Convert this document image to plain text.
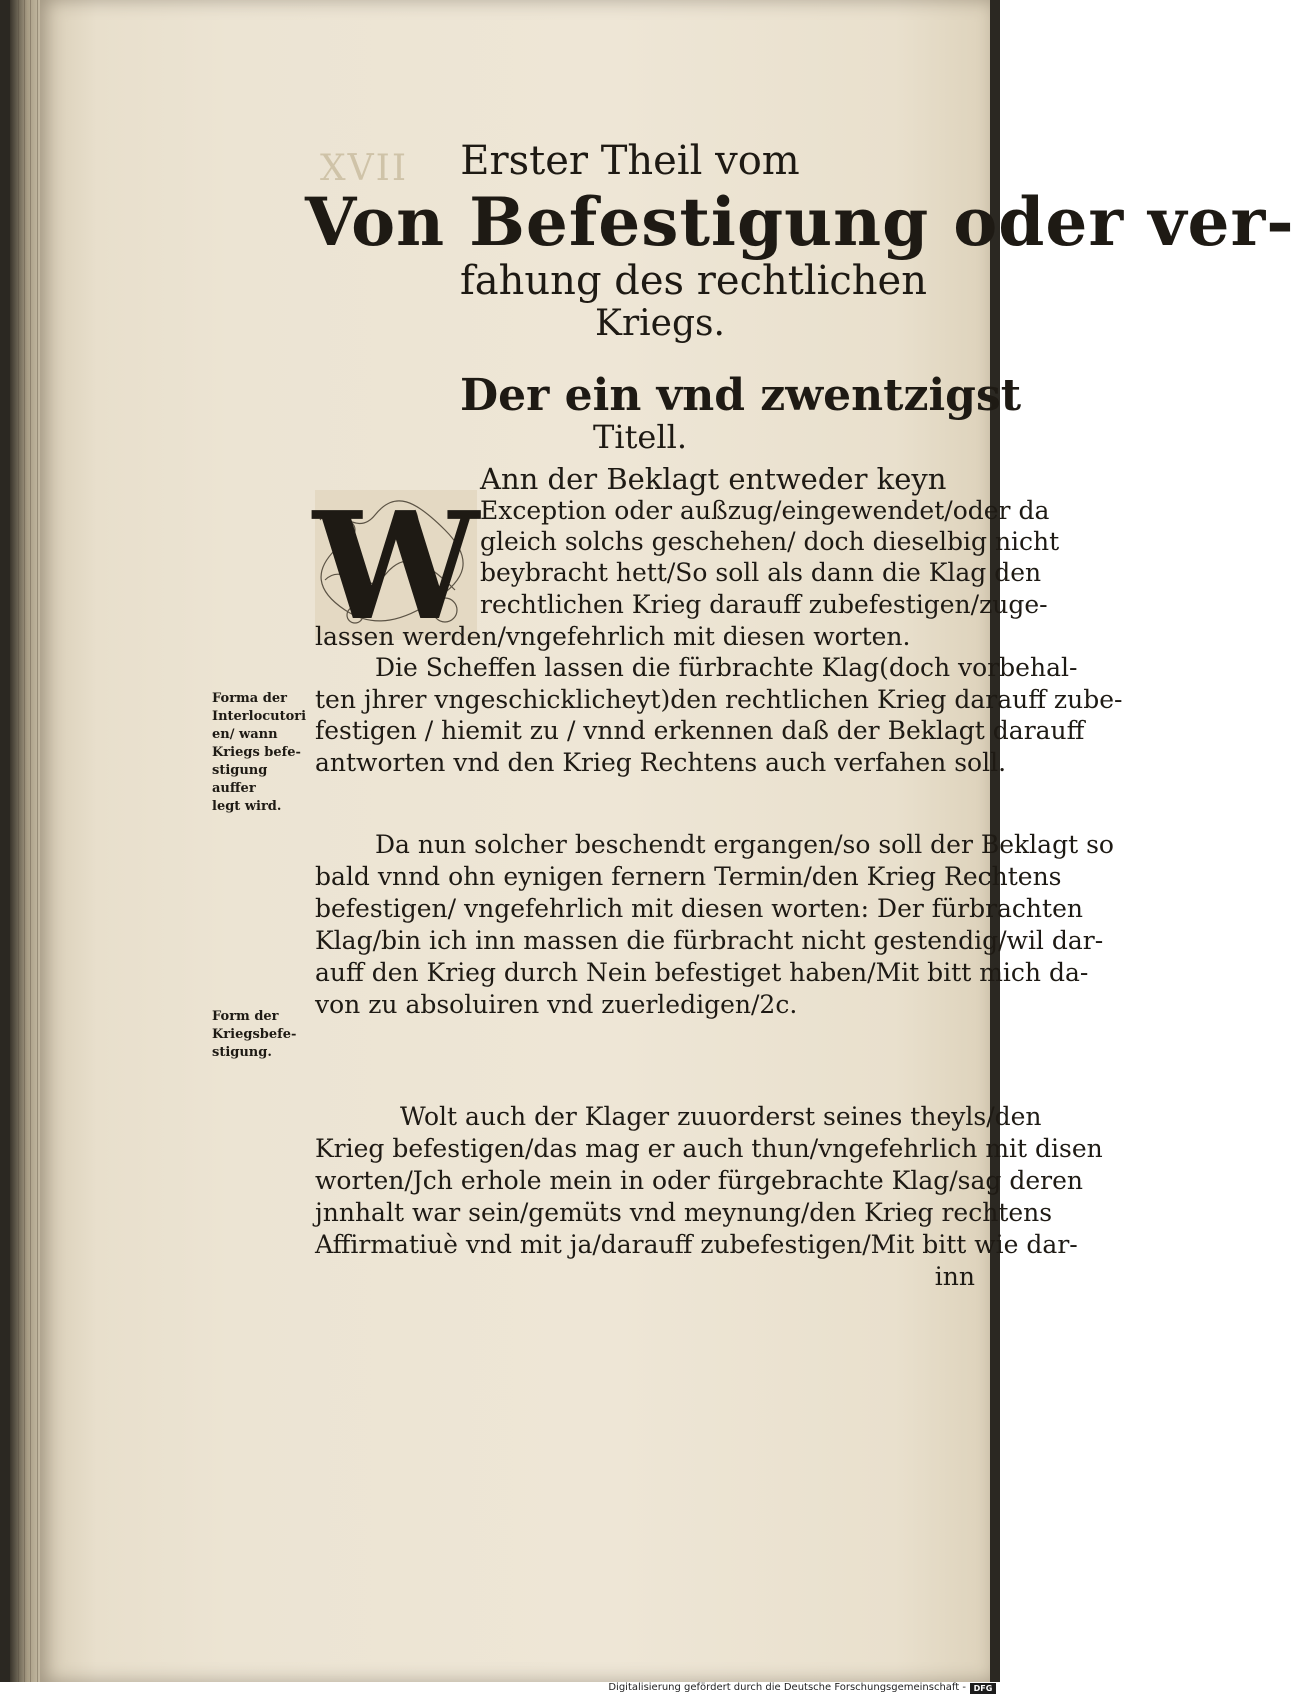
XVII	Erster Theil vom
Von Befestigung oder ver-
fahung des rechtlichen
Kriegs.
Der ein vnd zwentzigst
Titell.
W Ann der Beklagt entweder keyn
Exception oder außzug/eingewendet/oder da
gleich solchs geschehen/ doch dieselbig nicht
beybracht hett/So soll als dann die Klag den
rechtlichen Krieg darauff zubefestigen/zuge-
lassen werden/vngefehrlich mit diesen worten.
Die Scheffen lassen die fürbrachte Klag(doch vorbehal-
ten jhrer vngeschicklicheyt)den rechtlichen Krieg darauff zube-
festigen / hiemit zu / vnnd erkennen daß der Beklagt darauff
antworten vnd den Krieg Rechtens auch verfahen soll.
Da nun solcher beschendt ergangen/so soll der Beklagt so
bald vnnd ohn eynigen fernern Termin/den Krieg Rechtens
befestigen/ vngefehrlich mit diesen worten: Der fürbrachten
Klag/bin ich inn massen die fürbracht nicht gestendig/wil dar-
auff den Krieg durch Nein befestiget haben/Mit bitt mich da-
von zu absoluiren vnd zuerledigen/2c.
Wolt auch der Klager zuuorderst seines theyls/den
Krieg befestigen/das mag er auch thun/vngefehrlich mit disen
worten/Jch erhole mein in oder fürgebrachte Klag/sag deren
jnnhalt war sein/gemüts vnd meynung/den Krieg rechtens
Affirmatiuè vnd mit ja/darauff zubefestigen/Mit bitt wie dar-
inn
Forma der
Interlocutori
en/ wann
Kriegs befe-
stigung auffer
legt wird.
Form der
Kriegsbefe-
stigung.
Digitalisierung gefördert durch die Deutsche Forschungsgemeinschaft - DFG
